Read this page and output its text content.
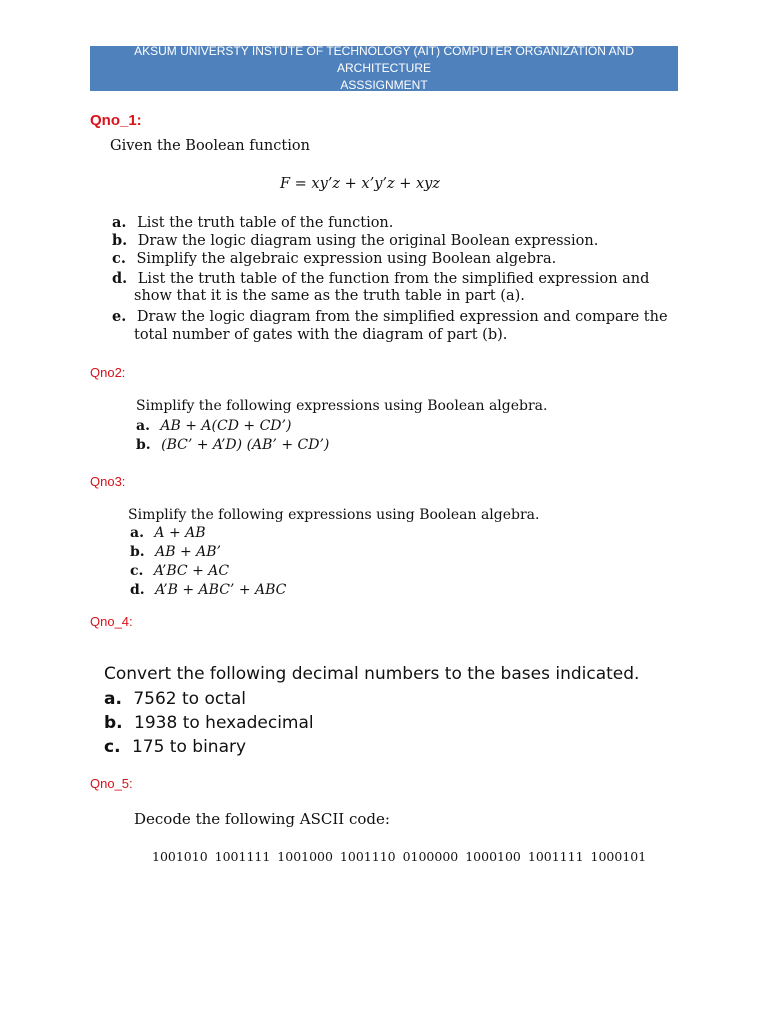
AKSUM UNIVERSTY INSTUTE OF TECHNOLOGY (AIT) COMPUTER ORGANIZATION AND ARCHITECTURE
ASSSIGNMENT
Qno_1:
Given the Boolean function
F = xy’z + x’y’z + xyz
a. List the truth table of the function.
b. Draw the logic diagram using the original Boolean expression.
c. Simplify the algebraic expression using Boolean algebra.
d. List the truth table of the function from the simplified expression and
show that it is the same as the truth table in part (a).
e. Draw the logic diagram from the simplified expression and compare the
total number of gates with the diagram of part (b).
Qno2:
Simplify the following expressions using Boolean algebra.
a. AB + A(CD + CD’)
b. (BC’ + A’D) (AB’ + CD’)
Qno3:
Simplify the following expressions using Boolean algebra.
a. A + AB
b. AB + AB’
c. A’BC + AC
d. A’B + ABC’ + ABC
Qno_4:
Convert the following decimal numbers to the bases indicated.
a. 7562 to octal
b. 1938 to hexadecimal
c. 175 to binary
Qno_5:
Decode the following ASCII code:
1001010 1001111 1001000 1001110 0100000 1000100 1001111 1000101
